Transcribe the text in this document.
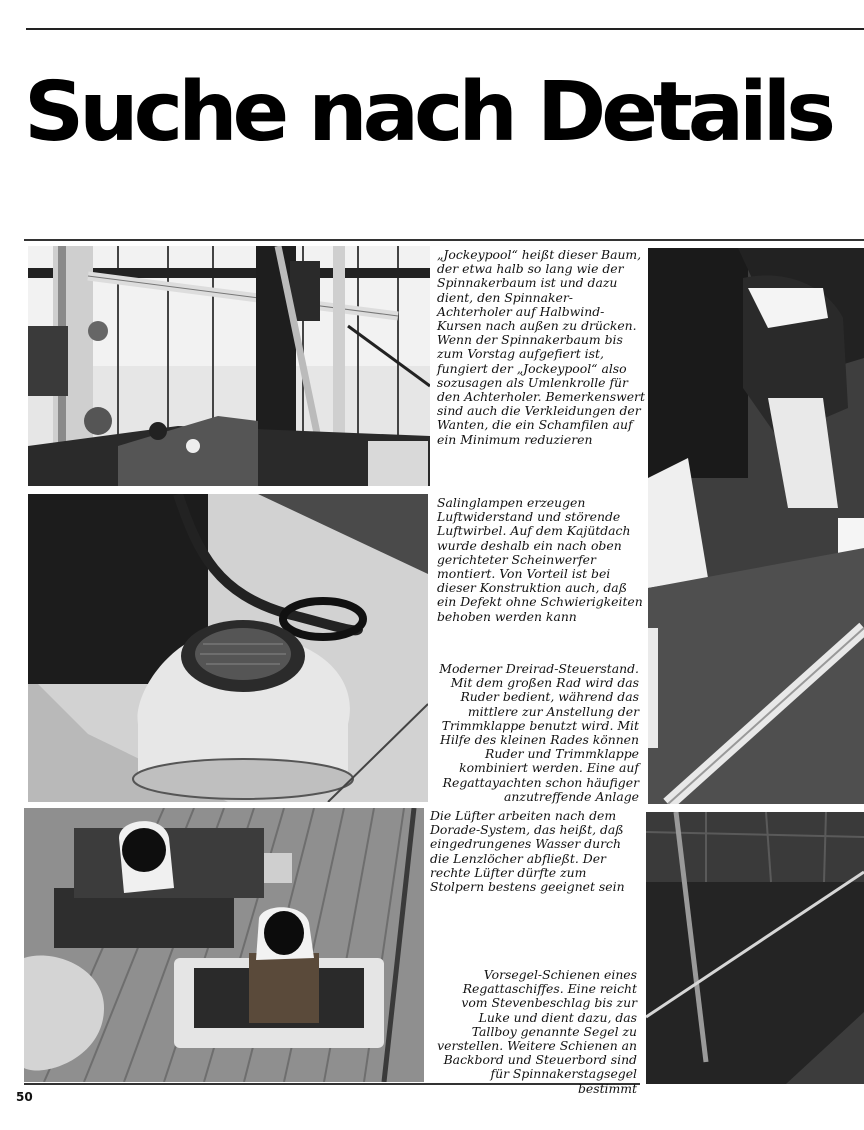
Suche nach Details

„Jockeypool“ heißt dieser Baum, der etwa halb so lang wie der Spinnakerbaum ist und dazu dient, den Spinnaker-Achterholer auf Halbwind-Kursen nach außen zu drücken. Wenn der Spinnakerbaum bis zum Vorstag aufgefiert ist, fungiert der „Jockeypool“ also sozusagen als Umlenkrolle für den Achterholer. Bemerkenswert sind auch die Verkleidungen der Wanten, die ein Schamfilen auf ein Minimum reduzieren

Salinglampen erzeugen Luftwiderstand und störende Luftwirbel. Auf dem Kajütdach wurde deshalb ein nach oben gerichteter Scheinwerfer montiert. Von Vorteil ist bei dieser Konstruktion auch, daß ein Defekt ohne Schwierigkeiten behoben werden kann

Moderner Dreirad-Steuerstand. Mit dem großen Rad wird das Ruder bedient, während das mittlere zur Anstellung der Trimmklappe benutzt wird. Mit Hilfe des kleinen Rades können Ruder und Trimmklappe kombiniert werden. Eine auf Regattayachten schon häufiger anzutreffende Anlage

Die Lüfter arbeiten nach dem Dorade-System, das heißt, daß eingedrungenes Wasser durch die Lenzlöcher abfließt. Der rechte Lüfter dürfte zum Stolpern bestens geeignet sein

Vorsegel-Schienen eines Regattaschiffes. Eine reicht vom Stevenbeschlag bis zur Luke und dient dazu, das Tallboy genannte Segel zu verstellen. Weitere Schienen an Backbord und Steuerbord sind für Spinnakerstagsegel bestimmt

50
